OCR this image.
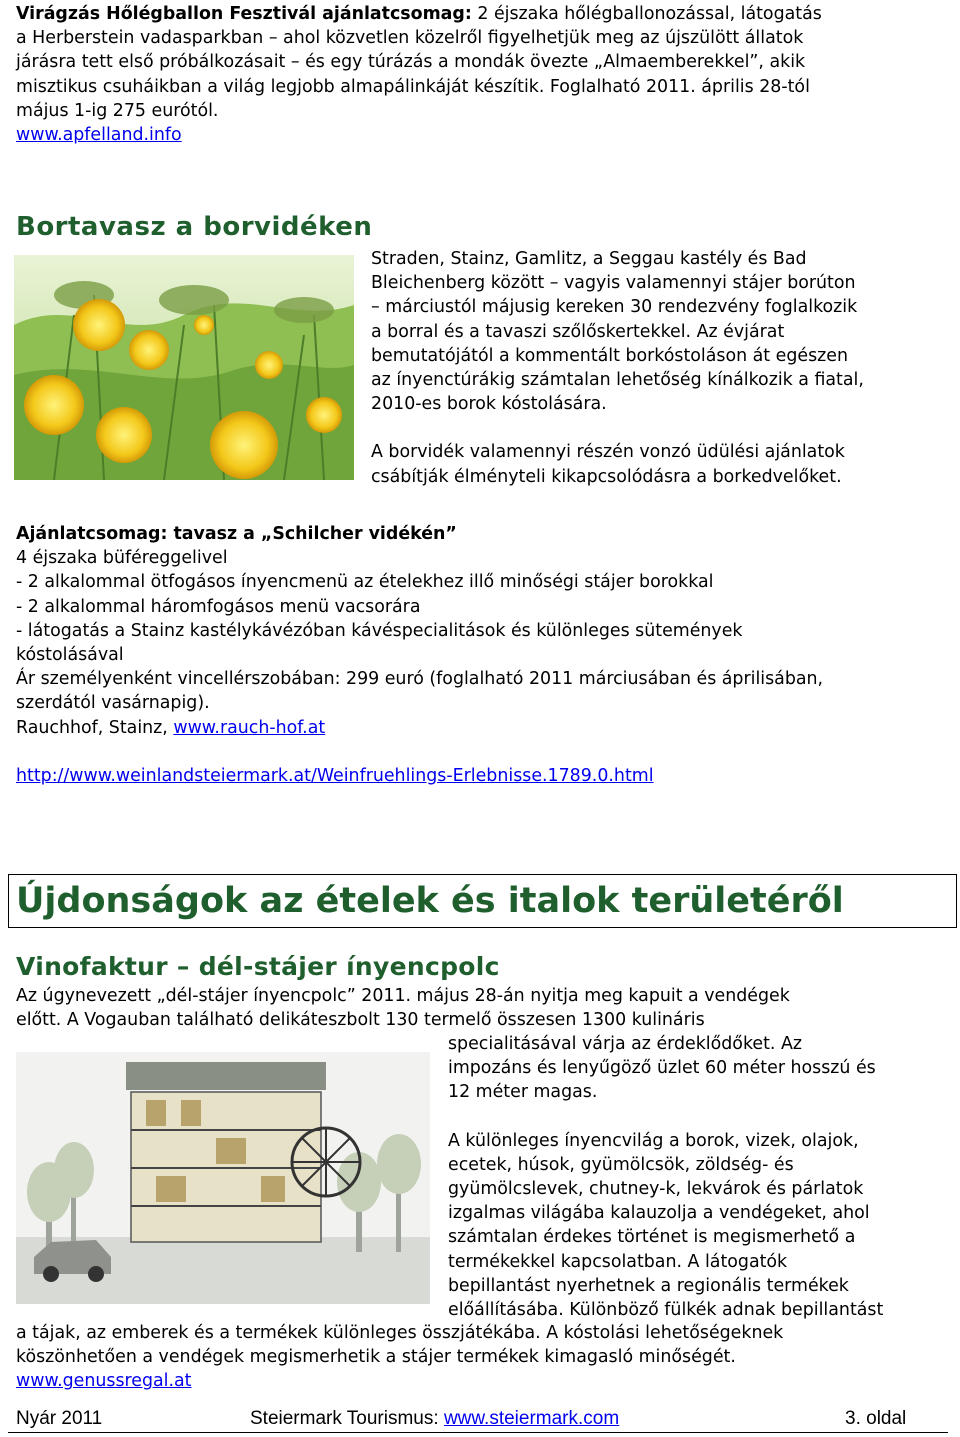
Virágzás Hőlégballon Fesztivál ajánlatcsomag: 2 éjszaka hőlégballonozással, látogatás
a Herberstein vadasparkban – ahol közvetlen közelről figyelhetjük meg az újszülött állatok
járásra tett első próbálkozásait – és egy túrázás a mondák övezte „Almaemberekkel”, akik
misztikus csuháikban a világ legjobb almapálinkáját készítik. Foglalható 2011. április 28-tól
május 1-ig 275 eurótól.
www.apfelland.info
Bortavasz a borvidéken
Straden, Stainz, Gamlitz, a Seggau kastély és Bad
Bleichenberg között – vagyis valamennyi stájer borúton
– márciustól májusig kereken 30 rendezvény foglalkozik
a borral és a tavaszi szőlőskertekkel. Az évjárat
bemutatójától a kommentált borkóstoláson át egészen
az ínyenctúrákig számtalan lehetőség kínálkozik a fiatal,
2010-es borok kóstolására.
A borvidék valamennyi részén vonzó üdülési ajánlatok
csábítják élményteli kikapcsolódásra a borkedvelőket.
Ajánlatcsomag: tavasz a „Schilcher vidékén”
4 éjszaka büféreggelivel
- 2 alkalommal ötfogásos ínyencmenü az ételekhez illő minőségi stájer borokkal
- 2 alkalommal háromfogásos menü vacsorára
- látogatás a Stainz kastélykávézóban kávéspecialitások és különleges sütemények
kóstolásával
Ár személyenként vincellérszobában: 299 euró (foglalható 2011 márciusában és áprilisában,
szerdától vasárnapig).
Rauchhof, Stainz, www.rauch-hof.at
http://www.weinlandsteiermark.at/Weinfruehlings-Erlebnisse.1789.0.html
Újdonságok az ételek és italok területéről
Vinofaktur – dél-stájer ínyencpolc
Az úgynevezett „dél-stájer ínyencpolc” 2011. május 28-án nyitja meg kapuit a vendégek
előtt. A Vogauban található delikáteszbolt 130 termelő összesen 1300 kulináris
specialitásával várja az érdeklődőket. Az
impozáns és lenyűgöző üzlet 60 méter hosszú és
12 méter magas.
A különleges ínyencvilág a borok, vizek, olajok,
ecetek, húsok, gyümölcsök, zöldség- és
gyümölcslevek, chutney-k, lekvárok és párlatok
izgalmas világába kalauzolja a vendégeket, ahol
számtalan érdekes történet is megismerhető a
termékekkel kapcsolatban. A látogatók
bepillantást nyerhetnek a regionális termékek
előállításába. Különböző fülkék adnak bepillantást
a tájak, az emberek és a termékek különleges összjátékába. A kóstolási lehetőségeknek
köszönhetően a vendégek megismerhetik a stájer termékek kimagasló minőségét.
www.genussregal.at
Nyár 2011	Steiermark Tourismus: www.steiermark.com	3. oldal
